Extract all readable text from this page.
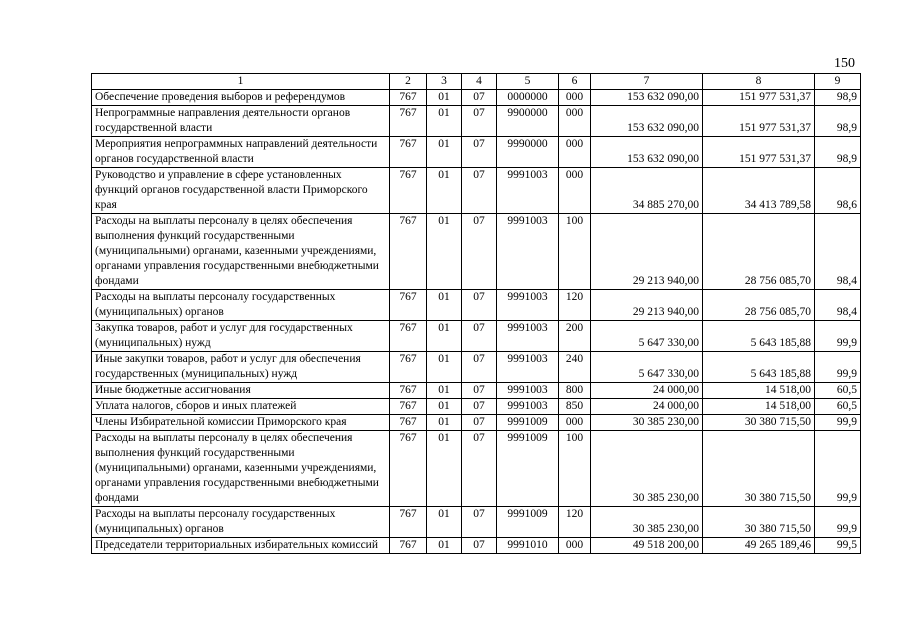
150
1	2	3	4	5	6	7	8	9
Обеспечение проведения выборов и референдумов	767	01	07	0000000	000	153 632 090,00	151 977 531,37	98,9
Непрограммные направления деятельности органов государственной власти	767	01	07	9900000	000	153 632 090,00	151 977 531,37	98,9
Мероприятия непрограммных направлений деятельности органов государственной власти	767	01	07	9990000	000	153 632 090,00	151 977 531,37	98,9
Руководство и управление в сфере установленных функций органов государственной власти Приморского края	767	01	07	9991003	000	34 885 270,00	34 413 789,58	98,6
Расходы на выплаты персоналу в целях обеспечения выполнения функций государственными (муниципальными) органами, казенными учреждениями, органами управления государственными внебюджетными фондами	767	01	07	9991003	100	29 213 940,00	28 756 085,70	98,4
Расходы на выплаты персоналу государственных (муниципальных) органов	767	01	07	9991003	120	29 213 940,00	28 756 085,70	98,4
Закупка товаров, работ и услуг для государственных (муниципальных) нужд	767	01	07	9991003	200	5 647 330,00	5 643 185,88	99,9
Иные закупки товаров, работ и услуг для обеспечения государственных (муниципальных) нужд	767	01	07	9991003	240	5 647 330,00	5 643 185,88	99,9
Иные бюджетные ассигнования	767	01	07	9991003	800	24 000,00	14 518,00	60,5
Уплата налогов, сборов и иных платежей	767	01	07	9991003	850	24 000,00	14 518,00	60,5
Члены Избирательной комиссии Приморского края	767	01	07	9991009	000	30 385 230,00	30 380 715,50	99,9
Расходы на выплаты персоналу в целях обеспечения выполнения функций государственными (муниципальными) органами, казенными учреждениями, органами управления государственными внебюджетными фондами	767	01	07	9991009	100	30 385 230,00	30 380 715,50	99,9
Расходы на выплаты персоналу государственных (муниципальных) органов	767	01	07	9991009	120	30 385 230,00	30 380 715,50	99,9
Председатели территориальных избирательных комиссий	767	01	07	9991010	000	49 518 200,00	49 265 189,46	99,5
